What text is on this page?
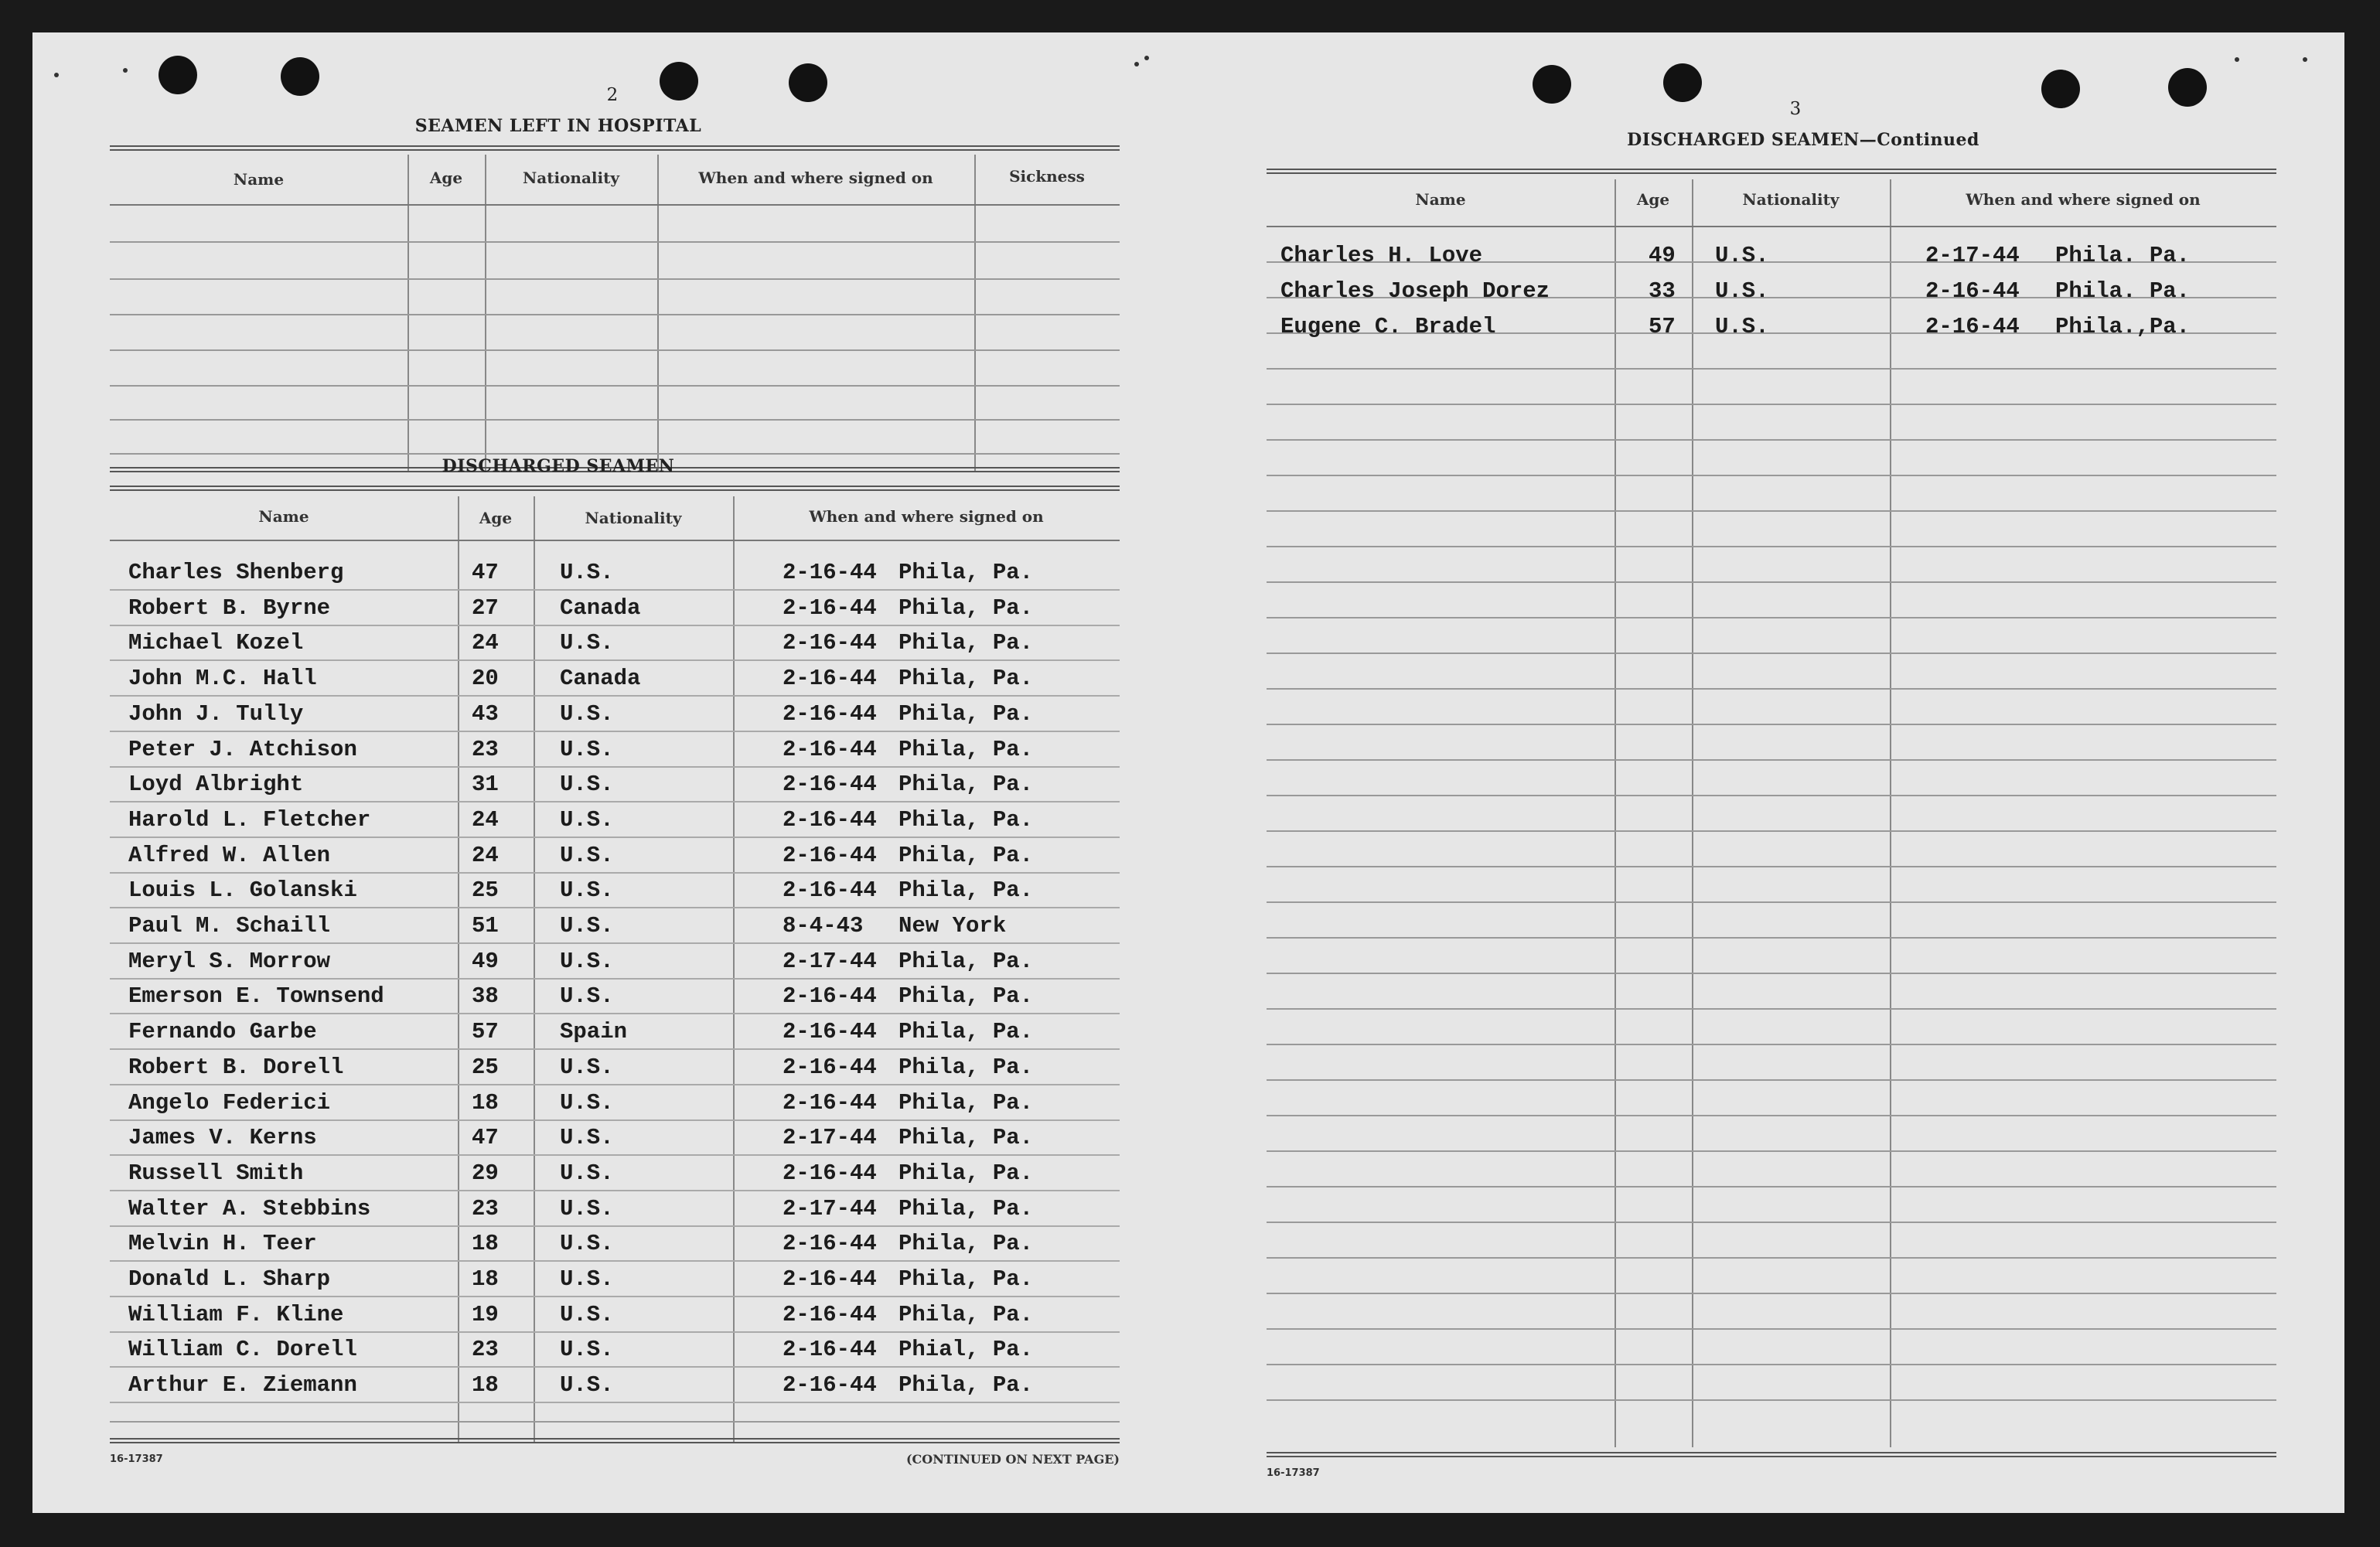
2
SEAMEN LEFT IN HOSPITAL
Name	Age	Nationality	When and where signed on	Sickness
DISCHARGED SEAMEN
Name	Age	Nationality	When and where signed on
Charles Shenberg	47	U.S.	2-16-44 Phila, Pa.
Robert B. Byrne	27	Canada	2-16-44 Phila, Pa.
Michael Kozel	24	U.S.	2-16-44 Phila, Pa.
John M.C. Hall	20	Canada	2-16-44 Phila, Pa.
John J. Tully	43	U.S.	2-16-44 Phila, Pa.
Peter J. Atchison	23	U.S.	2-16-44 Phila, Pa.
Loyd Albright	31	U.S.	2-16-44 Phila, Pa.
Harold L. Fletcher	24	U.S.	2-16-44 Phila, Pa.
Alfred W. Allen	24	U.S.	2-16-44 Phila, Pa.
Louis L. Golanski	25	U.S.	2-16-44 Phila, Pa.
Paul M. Schaill	51	U.S.	8-4-43 New York
Meryl S. Morrow	49	U.S.	2-17-44 Phila, Pa.
Emerson E. Townsend	38	U.S.	2-16-44 Phila, Pa.
Fernando Garbe	57	Spain	2-16-44 Phila, Pa.
Robert B. Dorell	25	U.S.	2-16-44 Phila, Pa.
Angelo Federici	18	U.S.	2-16-44 Phila, Pa.
James V. Kerns	47	U.S.	2-17-44 Phila, Pa.
Russell Smith	29	U.S.	2-16-44 Phila, Pa.
Walter A. Stebbins	23	U.S.	2-17-44 Phila, Pa.
Melvin H. Teer	18	U.S.	2-16-44 Phila, Pa.
Donald L. Sharp	18	U.S.	2-16-44 Phila, Pa.
William F. Kline	19	U.S.	2-16-44 Phila, Pa.
William C. Dorell	23	U.S.	2-16-44 Phial, Pa.
Arthur E. Ziemann	18	U.S.	2-16-44 Phila, Pa.
16-17387	(CONTINUED ON NEXT PAGE)
3
DISCHARGED SEAMEN—Continued
Name	Age	Nationality	When and where signed on
Charles H. Love	49 U.S.	2-17-44 Phila. Pa.
Charles Joseph Dorez	33 U.S.	2-16-44 Phila. Pa.
Eugene C. Bradel	57 U.S.	2-16-44 Phila.,Pa.
16-17387
